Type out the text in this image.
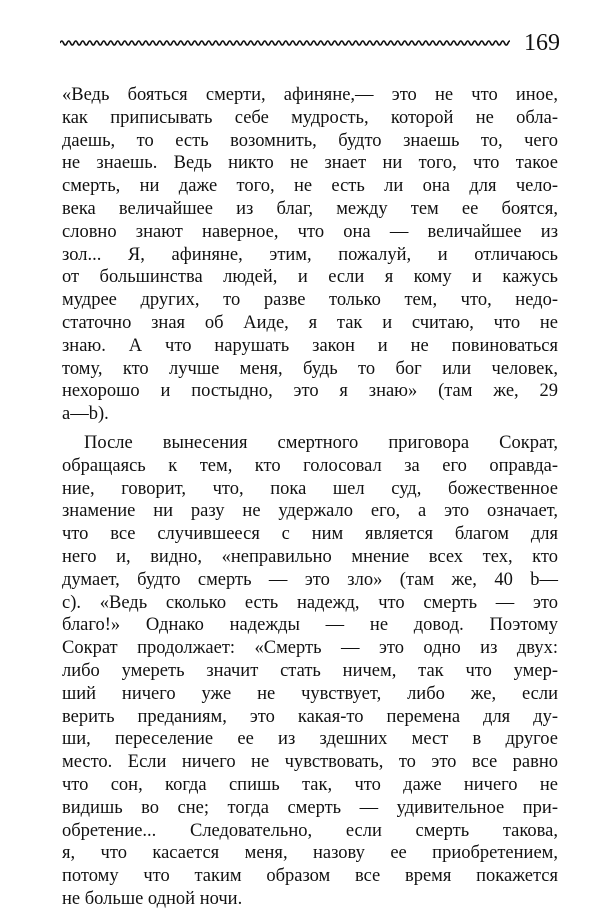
169
«Ведь бояться смерти, афиняне,— это не что иное,
как приписывать себе мудрость, которой не обла-
даешь, то есть возомнить, будто знаешь то, чего
не знаешь. Ведь никто не знает ни того, что такое
смерть, ни даже того, не есть ли она для чело-
века величайшее из благ, между тем ее боятся,
словно знают наверное, что она — величайшее из
зол... Я, афиняне, этим, пожалуй, и отличаюсь
от большинства людей, и если я кому и кажусь
мудрее других, то разве только тем, что, недо-
статочно зная об Аиде, я так и считаю, что не
знаю. А что нарушать закон и не повиноваться
тому, кто лучше меня, будь то бог или человек,
нехорошо и постыдно, это я знаю» (там же, 29
a—b).
После вынесения смертного приговора Сократ,
обращаясь к тем, кто голосовал за его оправда-
ние, говорит, что, пока шел суд, божественное
знамение ни разу не удержало его, а это означает,
что все случившееся с ним является благом для
него и, видно, «неправильно мнение всех тех, кто
думает, будто смерть — это зло» (там же, 40 b—
c). «Ведь сколько есть надежд, что смерть — это
благо!» Однако надежды — не довод. Поэтому
Сократ продолжает: «Смерть — это одно из двух:
либо умереть значит стать ничем, так что умер-
ший ничего уже не чувствует, либо же, если
верить преданиям, это какая-то перемена для ду-
ши, переселение ее из здешних мест в другое
место. Если ничего не чувствовать, то это все равно
что сон, когда спишь так, что даже ничего не
видишь во сне; тогда смерть — удивительное при-
обретение... Следовательно, если смерть такова,
я, что касается меня, назову ее приобретением,
потому что таким образом все время покажется
не больше одной ночи.
